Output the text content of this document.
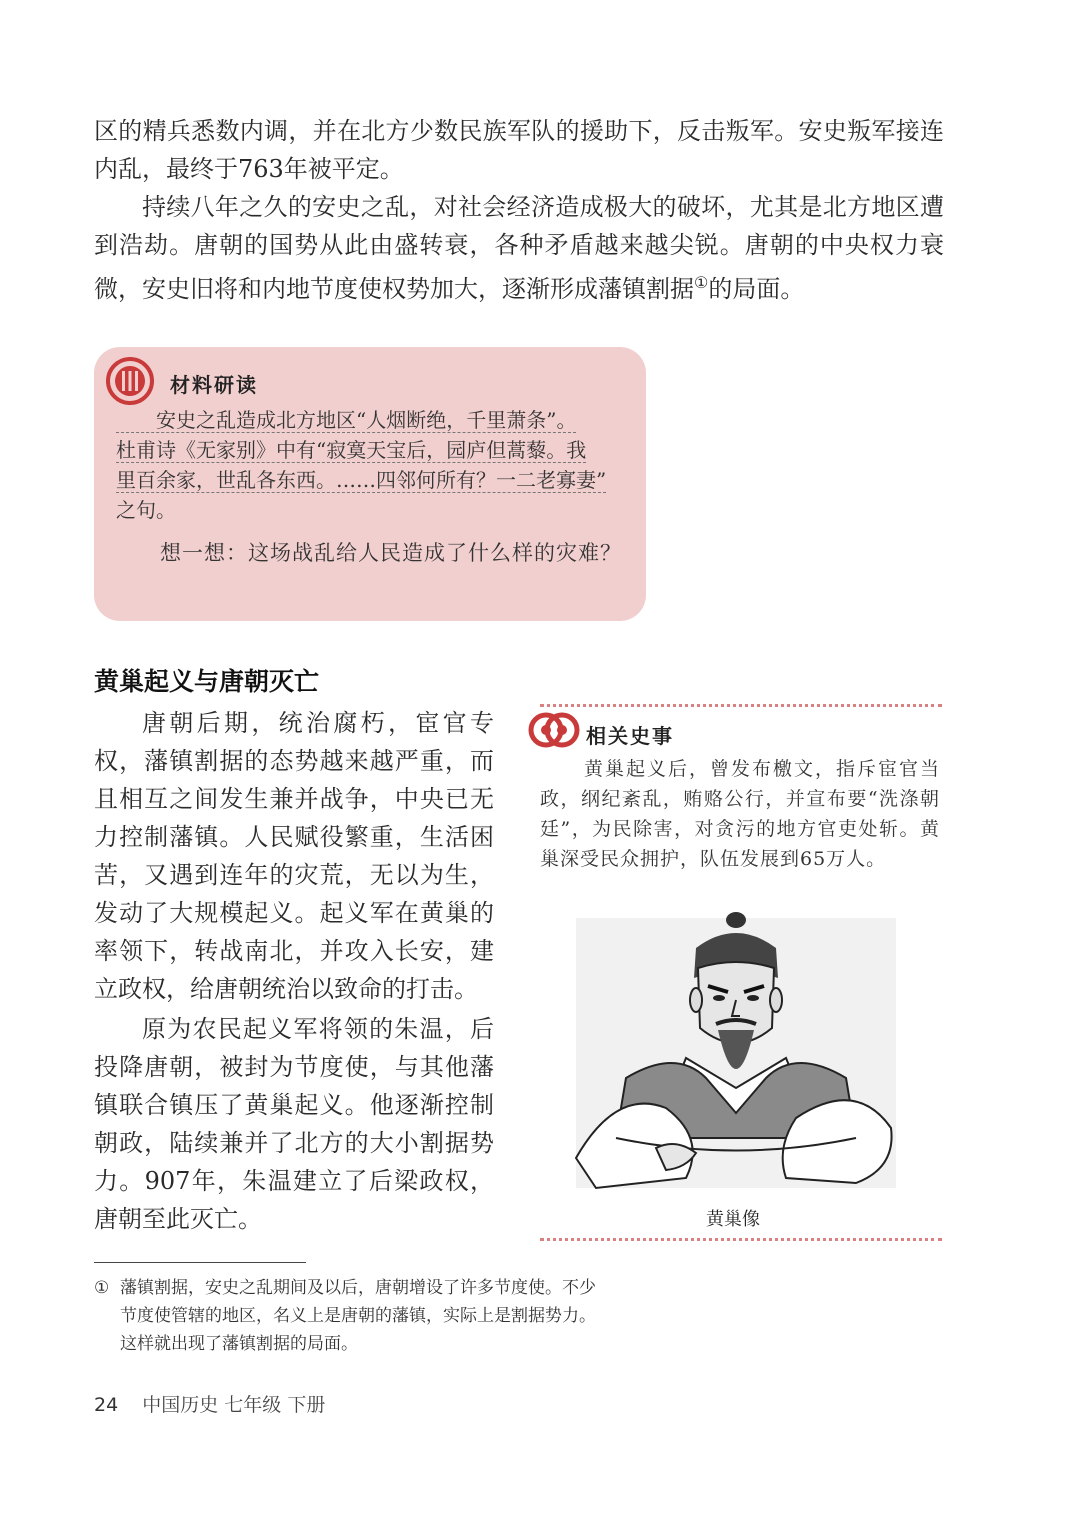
区的精兵悉数内调，并在北方少数民族军队的援助下，反击叛军。安史叛军接连内乱，最终于763年被平定。

持续八年之久的安史之乱，对社会经济造成极大的破坏，尤其是北方地区遭到浩劫。唐朝的国势从此由盛转衰，各种矛盾越来越尖锐。唐朝的中央权力衰微，安史旧将和内地节度使权势加大，逐渐形成藩镇割据①的局面。

材料研读
　　安史之乱造成北方地区“人烟断绝，千里萧条”。
杜甫诗《无家别》中有“寂寞天宝后，园庐但蒿藜。我
里百余家，世乱各东西。……四邻何所有？一二老寡妻”
之句。

想一想：这场战乱给人民造成了什么样的灾难？

黄巢起义与唐朝灭亡

唐朝后期，统治腐朽，宦官专权，藩镇割据的态势越来越严重，而且相互之间发生兼并战争，中央已无力控制藩镇。人民赋役繁重，生活困苦，又遇到连年的灾荒，无以为生，发动了大规模起义。起义军在黄巢的率领下，转战南北，并攻入长安，建立政权，给唐朝统治以致命的打击。

原为农民起义军将领的朱温，后投降唐朝，被封为节度使，与其他藩镇联合镇压了黄巢起义。他逐渐控制朝政，陆续兼并了北方的大小割据势力。907年，朱温建立了后梁政权，唐朝至此灭亡。

相关史事

黄巢起义后，曾发布檄文，指斥宦官当政，纲纪紊乱，贿赂公行，并宣布要“洗涤朝廷”，为民除害，对贪污的地方官吏处斩。黄巢深受民众拥护，队伍发展到65万人。

黄巢像
① 藩镇割据，安史之乱期间及以后，唐朝增设了许多节度使。不少
节度使管辖的地区，名义上是唐朝的藩镇，实际上是割据势力。
这样就出现了藩镇割据的局面。
24 中国历史 七年级 下册
